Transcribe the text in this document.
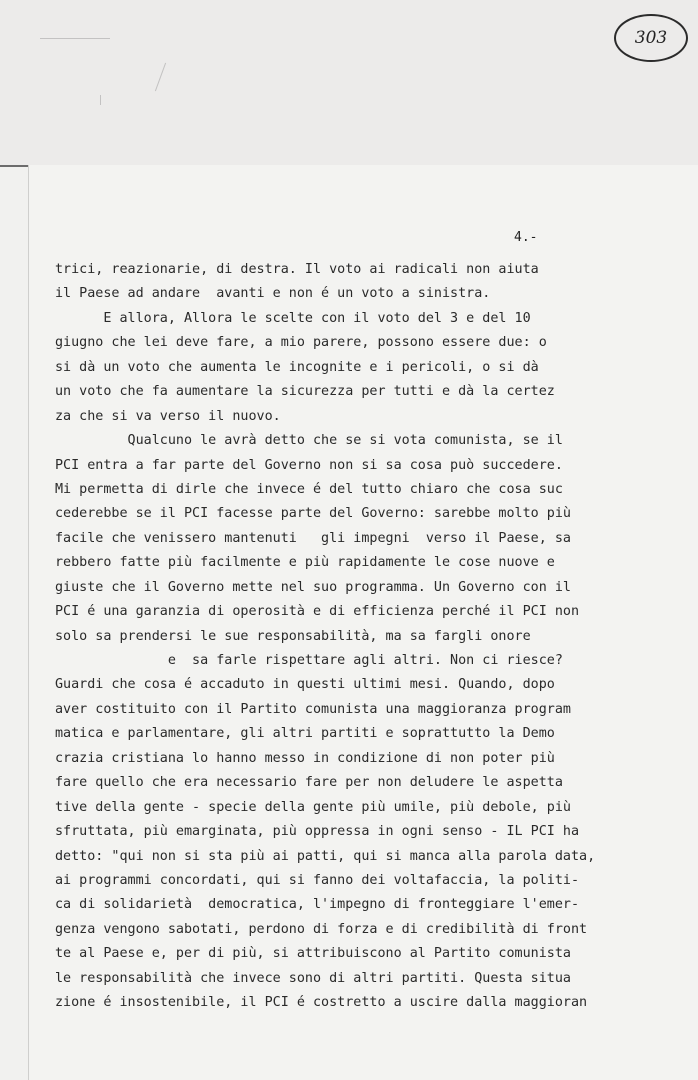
303
4.-
trici, reazionarie, di destra. Il voto ai radicali non aiuta
il Paese ad andare  avanti e non é un voto a sinistra.
E allora, Allora le scelte con il voto del 3 e del 10
giugno che lei deve fare, a mio parere, possono essere due: o
si dà un voto che aumenta le incognite e i pericoli, o si dà
un voto che fa aumentare la sicurezza per tutti e dà la certez
za che si va verso il nuovo.
Qualcuno le avrà detto che se si vota comunista, se il
PCI entra a far parte del Governo non si sa cosa può succedere.
Mi permetta di dirle che invece é del tutto chiaro che cosa suc
cederebbe se il PCI facesse parte del Governo: sarebbe molto più
facile che venissero mantenuti   gli impegni  verso il Paese, sa
rebbero fatte più facilmente e più rapidamente le cose nuove e
giuste che il Governo mette nel suo programma. Un Governo con il
PCI é una garanzia di operosità e di efficienza perché il PCI non
solo sa prendersi le sue responsabilità, ma sa fargli onore
e  sa farle rispettare agli altri. Non ci riesce?
Guardi che cosa é accaduto in questi ultimi mesi. Quando, dopo
aver costituito con il Partito comunista una maggioranza program
matica e parlamentare, gli altri partiti e soprattutto la Demo
crazia cristiana lo hanno messo in condizione di non poter più
fare quello che era necessario fare per non deludere le aspetta
tive della gente - specie della gente più umile, più debole, più
sfruttata, più emarginata, più oppressa in ogni senso - IL PCI ha
detto: "qui non si sta più ai patti, qui si manca alla parola data,
ai programmi concordati, qui si fanno dei voltafaccia, la politi-
ca di solidarietà  democratica, l'impegno di fronteggiare l'emer-
genza vengono sabotati, perdono di forza e di credibilità di front
te al Paese e, per di più, si attribuiscono al Partito comunista
le responsabilità che invece sono di altri partiti. Questa situa
zione é insostenibile, il PCI é costretto a uscire dalla maggioran
